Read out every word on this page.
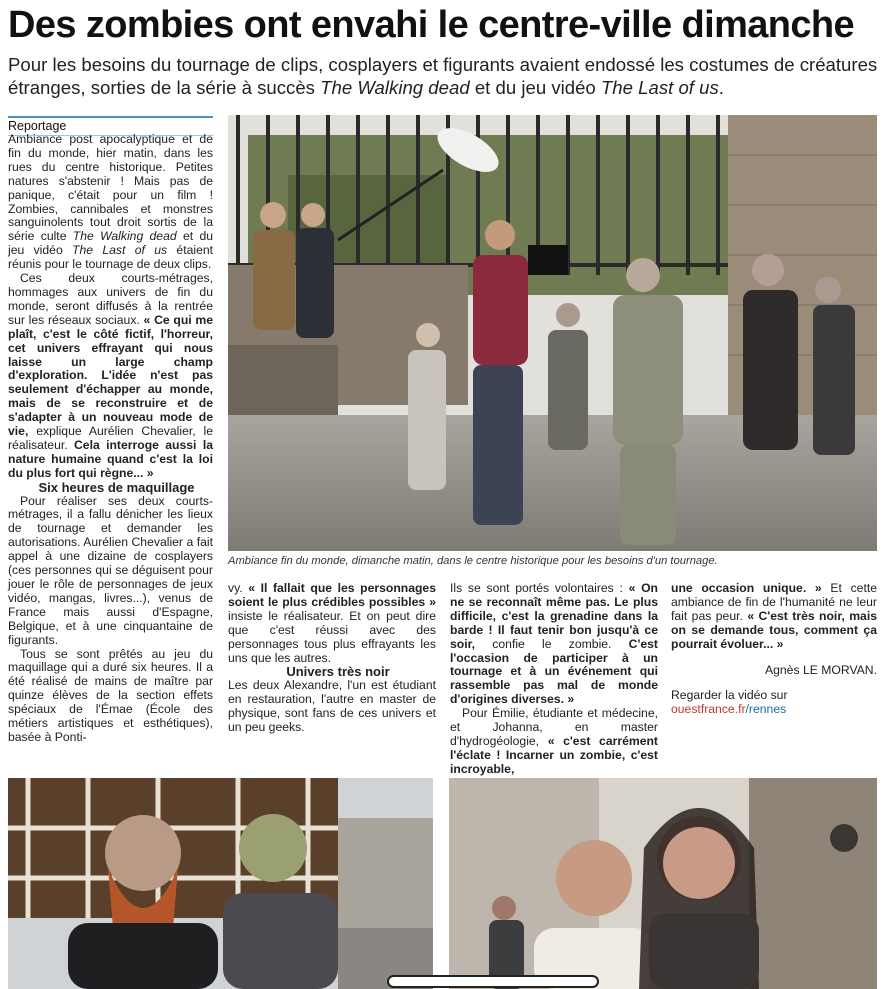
Des zombies ont envahi le centre-ville dimanche

Pour les besoins du tournage de clips, cosplayers et figurants avaient endossé les costumes de créatures étranges, sorties de la série à succès The Walking dead et du jeu vidéo The Last of us.

Reportage

Ambiance post apocalyptique et de fin du monde, hier matin, dans les rues du centre historique. Petites natures s'abstenir ! Mais pas de panique, c'était pour un film ! Zombies, cannibales et monstres sanguinolents tout droit sortis de la série culte The Walking dead et du jeu vidéo The Last of us étaient réunis pour le tournage de deux clips.

Ces deux courts-métrages, hommages aux univers de fin du monde, seront diffusés à la rentrée sur les réseaux sociaux. « Ce qui me plaît, c'est le côté fictif, l'horreur, cet univers effrayant qui nous laisse un large champ d'exploration. L'idée n'est pas seulement d'échapper au monde, mais de se reconstruire et de s'adapter à un nouveau mode de vie, explique Aurélien Chevalier, le réalisateur. Cela interroge aussi la nature humaine quand c'est la loi du plus fort qui règne... »

Six heures de maquillage

Pour réaliser ses deux courts-métrages, il a fallu dénicher les lieux de tournage et demander les autorisations. Aurélien Chevalier a fait appel à une dizaine de cosplayers (ces personnes qui se déguisent pour jouer le rôle de personnages de jeux vidéo, mangas, livres...), venus de France mais aussi d'Espagne, Belgique, et à une cinquantaine de figurants.

Tous se sont prêtés au jeu du maquillage qui a duré six heures. Il a été réalisé de mains de maître par quinze élèves de la section effets spéciaux de l'Émae (École des métiers artistiques et esthétiques), basée à Ponti-

Ambiance fin du monde, dimanche matin, dans le centre historique pour les besoins d'un tournage.

vy. « Il fallait que les personnages soient le plus crédibles possibles » insiste le réalisateur. Et on peut dire que c'est réussi avec des personnages tous plus effrayants les uns que les autres.

Univers très noir

Les deux Alexandre, l'un est étudiant en restauration, l'autre en master de physique, sont fans de ces univers et un peu geeks.

Ils se sont portés volontaires : « On ne se reconnaît même pas. Le plus difficile, c'est la grenadine dans la barde ! Il faut tenir bon jusqu'à ce soir, confie le zombie. C'est l'occasion de participer à un tournage et à un événement qui rassemble pas mal de monde d'origines diverses. »

Pour Émilie, étudiante et médecine, et Johanna, en master d'hydrogéologie, « c'est carrément l'éclate ! Incarner un zombie, c'est incroyable,

une occasion unique. » Et cette ambiance de fin de l'humanité ne leur fait pas peur. « C'est très noir, mais on se demande tous, comment ça pourrait évoluer... »

Agnès LE MORVAN.

Regarder la vidéo sur

ouestfrance.fr/rennes
